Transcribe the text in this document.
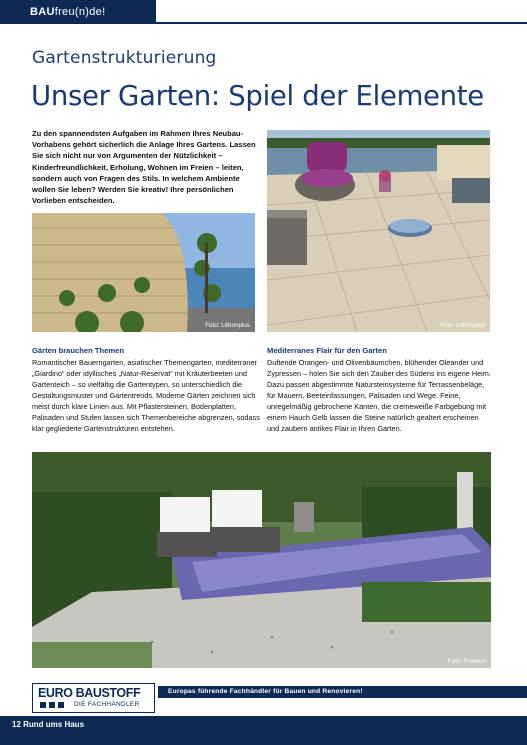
BAUfreu(n)de!
Gartenstrukturierung
Unser Garten: Spiel der Elemente

Zu den spannendsten Aufgaben im Rahmen Ihres Neubau-Vorhabens gehört sicherlich die Anlage Ihres Gartens. Lassen Sie sich nicht nur von Argumenten der Nützlichkeit – Kinderfreundlichkeit, Erholung, Wohnen im Freien – leiten, sondern auch von Fragen des Stils. In welchem Ambiente wollen Sie leben? Werden Sie kreativ! Ihre persönlichen Vorlieben entscheiden.

Foto: Lithonplus
Foto: Lithonplus
Gärten brauchen Themen

Romantischer Bauerngarten, asiatischer Themengarten, mediterraner „Giardino“ oder idyllisches „Natur-Reservat“ mit Kräuterbeeten und Gartenteich – so vielfältig die Gartentypen, so unterschiedlich die Gestaltungsmuster und Gartentrends. Moderne Gärten zeichnen sich meist durch klare Linien aus. Mit Pflastersteinen, Bodenplatten, Palisaden und Stufen lassen sich Themenbereiche abgrenzen, sodass klar gegliederte Gartenstrukturen entstehen.

Mediterranes Flair für den Garten

Duftende Orangen- und Olivenbäumchen, blühender Oleander und Zypressen – holen Sie sich den Zauber des Südens ins eigene Heim. Dazu passen abgestimmte Natursteinsysteme für Terrassenbeläge, für Mauern, Beeteinfassungen, Palisaden und Wege. Feine, unregelmäßig gebrochene Kanten, die cremeweiße Farbgebung mit einem Hauch Gelb lassen die Steine natürlich gealtert erscheinen und zaubern antikes Flair in Ihren Garten.

Foto: Rodeun
EURO BAUSTOFF
DIE FACHHÄNDLER
Europas führende Fachhändler für Bauen und Renovieren!
12 Rund ums Haus
